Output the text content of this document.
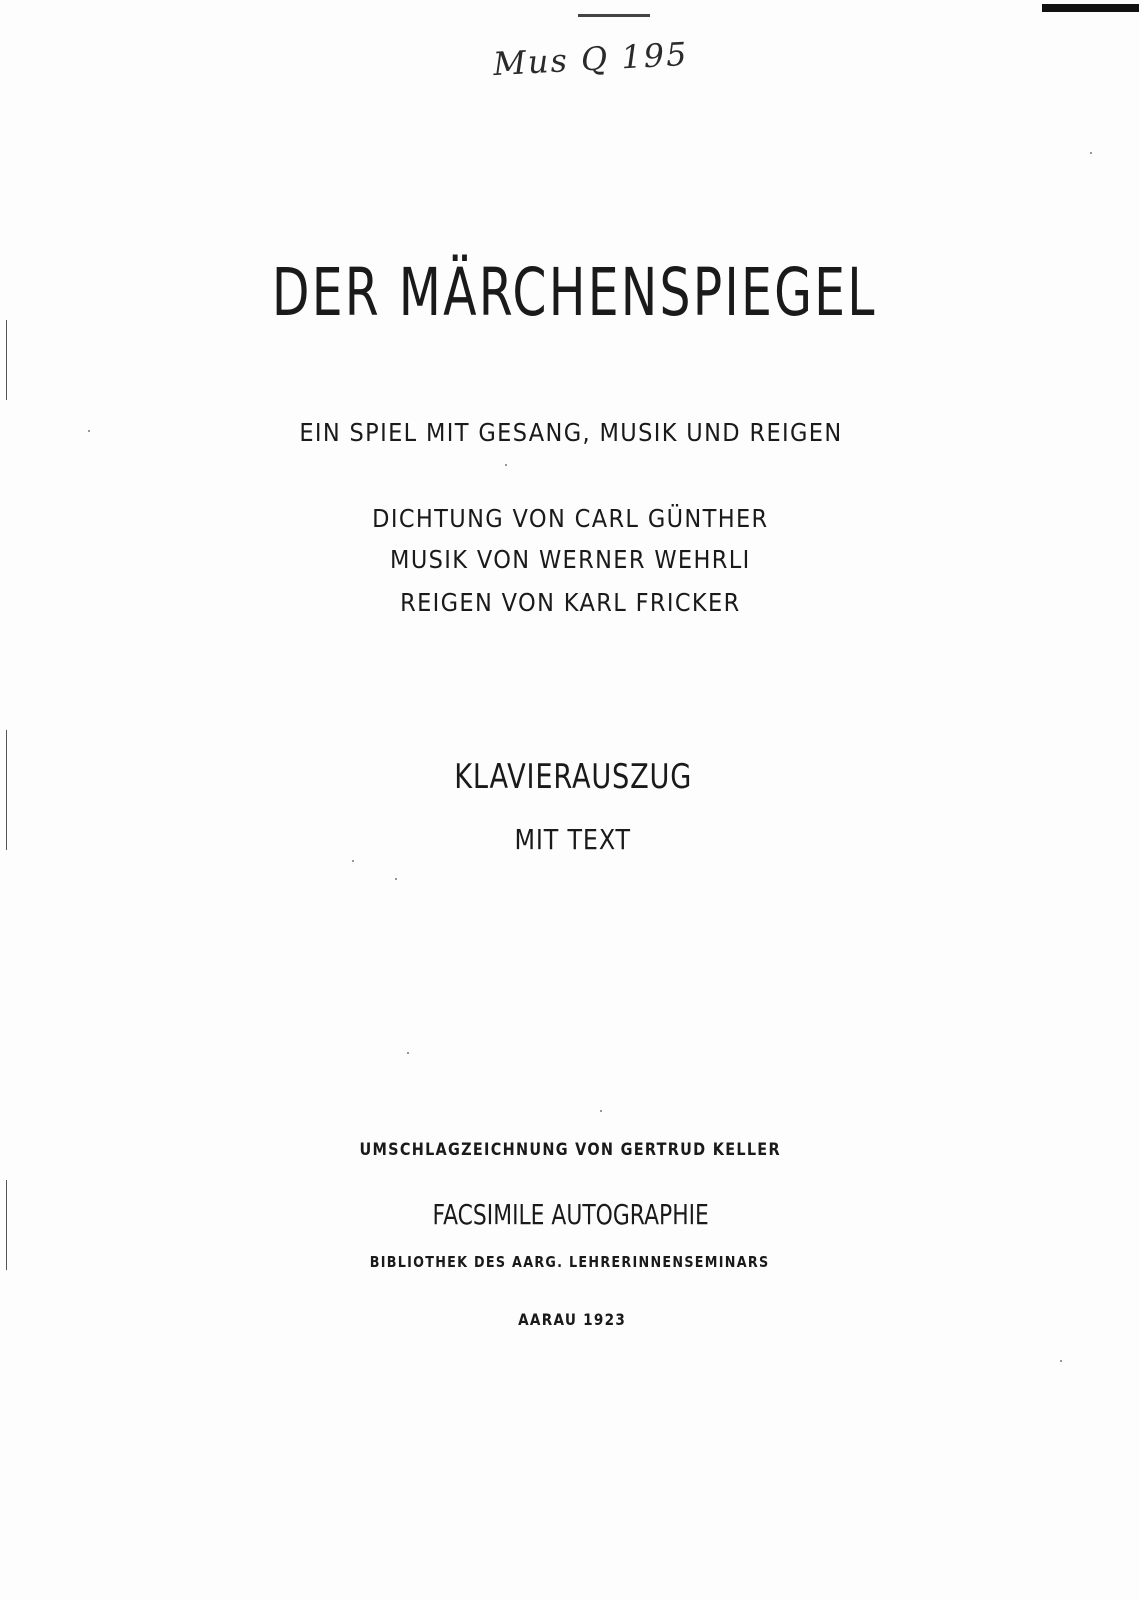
Mus Q 195
DER MÄRCHENSPIEGEL
EIN SPIEL MIT GESANG, MUSIK UND REIGEN
DICHTUNG VON CARL GÜNTHER
MUSIK VON WERNER WEHRLI
REIGEN VON KARL FRICKER
KLAVIERAUSZUG
MIT TEXT
UMSCHLAGZEICHNUNG VON GERTRUD KELLER
FACSIMILE AUTOGRAPHIE
BIBLIOTHEK DES AARG. LEHRERINNENSEMINARS
AARAU 1923
